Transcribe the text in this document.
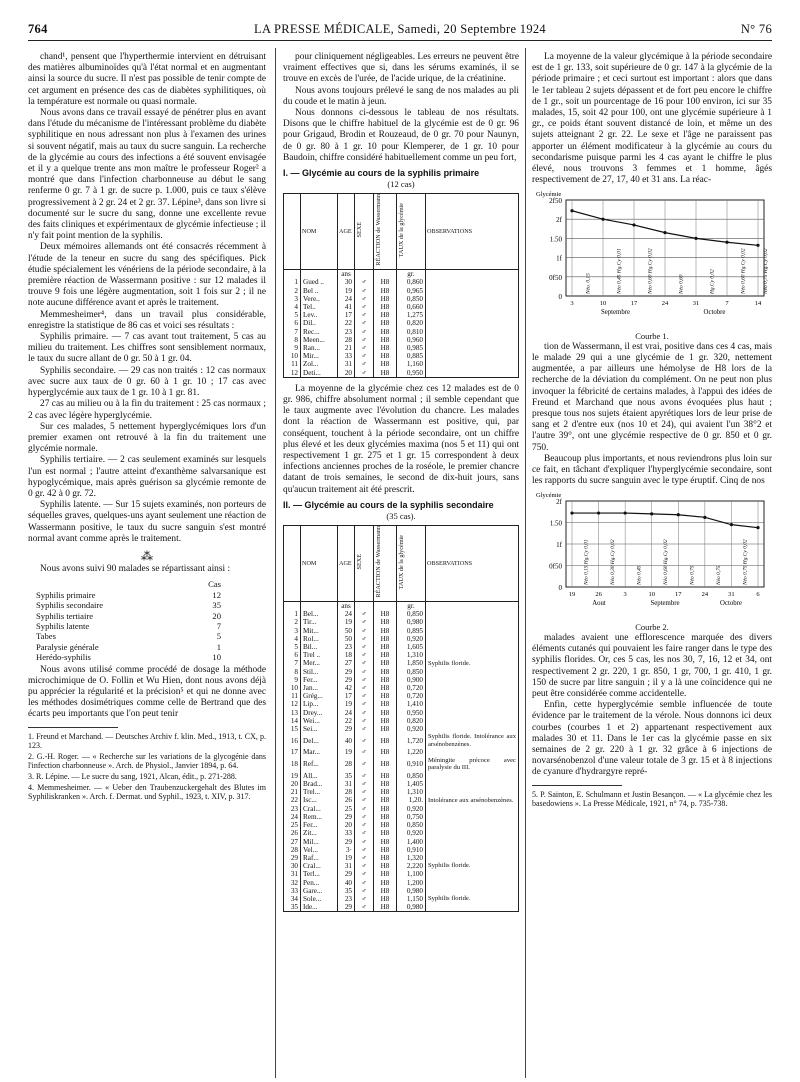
764	LA PRESSE MÉDICALE, Samedi, 20 Septembre 1924	N° 76

chand¹, pensent que l'hyperthermie intervient en détruisant des matières albuminoïdes qu'à l'état normal et en augmentant ainsi la source du sucre. Il n'est pas possible de tenir compte de cet argument en présence des cas de diabètes syphilitiques, où la température est normale ou quasi normale.

Nous avons dans ce travail essayé de pénétrer plus en avant dans l'étude du mécanisme de l'intéressant problème du diabète syphilitique en nous adressant non plus à l'examen des urines si souvent négatif, mais au taux du sucre sanguin. La recherche de la glycémie au cours des infections a été souvent envisagée et il y a quelque trente ans mon maître le professeur Roger² a montré que dans l'infection charbonneuse au début le sang renferme 0 gr. 7 à 1 gr. de sucre p. 1.000, puis ce taux s'élève progressivement à 2 gr. 24 et 2 gr. 37. Lépine³, dans son livre si documenté sur le sucre du sang, donne une excellente revue des faits cliniques et expérimentaux de glycémie infectieuse ; il n'y fait point mention de la syphilis.

Deux mémoires allemands ont été consacrés récemment à l'étude de la teneur en sucre du sang des spécifiques. Pick étudie spécialement les vénériens de la période secondaire, à la première réaction de Wassermann positive : sur 12 malades il trouve 9 fois une légère augmentation, soit 1 fois sur 2 ; il ne note aucune différence avant et après le traitement.

Memmesheimer⁴, dans un travail plus considérable, enregistre la statistique de 86 cas et voici ses résultats :

Syphilis primaire. — 7 cas avant tout traitement, 5 cas au milieu du traitement. Les chiffres sont sensiblement normaux, le taux du sucre allant de 0 gr. 50 à 1 gr. 04.

Syphilis secondaire. — 29 cas non traités : 12 cas normaux avec sucre aux taux de 0 gr. 60 à 1 gr. 10 ; 17 cas avec hyperglycémie aux taux de 1 gr. 10 à 1 gr. 81.

27 cas au milieu ou à la fin du traitement : 25 cas normaux ; 2 cas avec légère hyperglycémie.

Sur ces malades, 5 nettement hyperglycémiques lors d'un premier examen ont retrouvé à la fin du traitement une glycémie normale.

Syphilis tertiaire. — 2 cas seulement examinés sur lesquels l'un est normal ; l'autre atteint d'exanthème salvarsanique est hypoglycémique, mais après guérison sa glycémie remonte de 0 gr. 42 à 0 gr. 72.

Syphilis latente. — Sur 15 sujets examinés, non porteurs de séquelles graves, quelques-uns ayant seulement une réaction de Wassermann positive, le taux du sucre sanguin s'est montré normal avant comme après le traitement.

⁂

Nous avons suivi 90 malades se répartissant ainsi :

Cas
Syphilis primaire	12
Syphilis secondaire	35
Syphilis tertiaire	20
Syphilis latente	7
Tabes	5
Paralysie générale	1
Herédo-syphilis	10

Nous avons utilisé comme procédé de dosage la méthode microchimique de O. Follin et Wu Hien, dont nous avons déjà pu apprécier la régularité et la précision⁵ et qui ne donne avec les méthodes dosimétriques comme celle de Bertrand que des écarts peu importants que l'on peut tenir

1. Freund et Marchand. — Deutsches Archiv f. klin. Med., 1913, t. CX, p. 123.

2. G.-H. Roger. — « Recherche sur les variations de la glycogénie dans l'infection charbonneuse ». Arch. de Physiol., Janvier 1894, p. 64.

3. R. Lépine. — Le sucre du sang, 1921, Alcan, édit., p. 271-288.

4. Memmesheimer. — « Ueber den Traubenzuckergehalt des Blutes im Syphiliskranken ». Arch. f. Dermat. und Syphil., 1923, t. XIV, p. 317.

pour cliniquement négligeables. Les erreurs ne peuvent être vraiment effectives que si, dans les sérums examinés, il se trouve en excès de l'urée, de l'acide urique, de la créatinine.

Nous avons toujours prélevé le sang de nos malades au pli du coude et le matin à jeun.

Nous donnons ci-dessous le tableau de nos résultats. Disons que le chiffre habituel de la glycémie est de 0 gr. 96 pour Grigaud, Brodin et Rouzeaud, de 0 gr. 70 pour Naunyn, de 0 gr. 80 à 1 gr. 10 pour Klemperer, de 1 gr. 10 pour Baudoin, chiffre considéré habituellement comme un peu fort,

I. — Glycémie au cours de la syphilis primaire
(12 cas)
	NOM	AGE	SEXE	RÉACTION de Wassermann	TAUX de la glycémie	OBSERVATIONS
		ans			gr.	
1	Gued ..	30	♂	H8	0,860	
2	Bel ..	19	♂	H8	0,965	
3	Vere..	24	♂	H8	0,850	
4	Tel..	41	♂	H8	0,660	
5	Lev..	17	♂	H8	1,275	
6	Dil..	22	♂	H8	0,820	
7	Rec...	23	♂	H8	0,810	
8	Meen...	28	♂	H8	0,960	
9	Ran...	21	♂	H8	0,985	
10	Mir...	33	♂	H8	0,885	
11	Zol...	31	♂	H8	1,160	
12	Deti...	20	♂	H8	0,950	

La moyenne de la glycémie chez ces 12 malades est de 0 gr. 986, chiffre absolument normal ; il semble cependant que le taux augmente avec l'évolution du chancre. Les malades dont la réaction de Wassermann est positive, qui, par conséquent, touchent à la période secondaire, ont un chiffre plus élevé et les deux glycémies maxima (nos 5 et 11) qui ont respectivement 1 gr. 275 et 1 gr. 15 correspondent à deux infections anciennes proches de la roséole, le premier chancre datant de trois semaines, le second de dix-huit jours, sans qu'aucun traitement ait été prescrit.

II. — Glycémie au cours de la syphilis secondaire
(35 cas).
	NOM	AGE	SEXE	RÉACTION de Wassermann	TAUX de la glycémie	OBSERVATIONS
		ans			gr.	
1	Bel...	24	♂	H8	0,850	
2	Tir...	19	♂	H8	0,980	
3	Mit...	50	♂	H8	0,895	
4	Rol...	50	♂	H8	0,920	
5	Bil...	23	♂	H8	1,605	
6	Trel ..	18	♂	H8	1,310	
7	Mer...	27	♂	H8	1,850	Syphilis floride.
8	Stil...	29	♂	H8	0,850	
9	Fer...	29	♂	H8	0,900	
10	Jan...	42	♂	H8	0,720	
11	Grég...	17	♂	H8	0,720	
12	Lip...	19	♂	H8	1,410	
13	Drey...	24	♂	H8	0,950	
14	Wei...	22	♂	H8	0,820	
15	Sei...	29	♂	H8	0,920	
16	Del...	40	♂	H8	1,720	Syphilis floride. Intolérance aux arsénobenzènes.
17	Mar...	19	♂	H8	1,220	
18	Ref...	28	♂	H8	0,910	Méningite précoce avec paralysie du III.
19	All...	35	♂	H8	0,850	
20	Brad...	31	♂	H8	1,405	
21	Trel...	28	♂	H8	1,310	
22	Isc...	26	♂	H8	1,20.	Intolérance aux arsénobenzènes.
23	Cral...	25	♂	H8	0,920	
24	Rem...	29	♂	H8	0,750	
25	Fer...	20	♂	H8	0,850	
26	Zit...	33	♂	H8	0,920	
27	Mil...	29	♂	H8	1,400	
28	Vel...	3·	♂	H8	0,910	
29	Raf...	19	♂	H8	1,320	
30	Cral...	31	♂	H8	2,220	Syphilis floride.
31	Terl...	29	♂	H8	1,100	
32	Pen...	40	♂	H8	1,200	
33	Gare...	35	♂	H8	0,980	
34	Sole...	23	♂	H8	1,150	Syphilis floride.
35	Ide...	29	♂	H8	0,980	

La moyenne de la valeur glycémique à la période secondaire est de 1 gr. 133, soit supérieure de 0 gr. 147 à la glycémie de la période primaire ; et ceci surtout est important : alors que dans le 1er tableau 2 sujets dépassent et de fort peu encore le chiffre de 1 gr., soit un pourcentage de 16 pour 100 environ, ici sur 35 malades, 15, soit 42 pour 100, ont une glycémie supérieure à 1 gr., ce poids étant souvent distancé de loin, et même un des sujets atteignant 2 gr. 22. Le sexe et l'âge ne paraissent pas apporter un élément modificateur à la glycémie au cours du secondarisme puisque parmi les 4 cas ayant le chiffre le plus élevé, nous trouvons 3 femmes et 1 homme, âgés respectivement de 27, 17, 40 et 31 ans. La réac-

Glycémie
2f50
2f
1.50
1f
0f50
0
3	10	17	24	31	7	14
Septembre	Octobre
Néo. 0,15	Néo 0,45 Hg.Cy 0,01	Néo 0,60 Hg.Cy 0,02	Néo 0,60	Hg.Cy 0,02	Néo 0,60 Hg.Cy 0,02	Néo 0,75 Hg.Cy 0,02
Courbe 1.

tion de Wassermann, il est vrai, positive dans ces 4 cas, mais le malade 29 qui a une glycémie de 1 gr. 320, nettement augmentée, a par ailleurs une hémolyse de H8 lors de la recherche de la déviation du complément. On ne peut non plus invoquer la fébricité de certains malades, à l'appui des idées de Freund et Marchand que nous avons évoquées plus haut ; presque tous nos sujets étaient apyrétiques lors de leur prise de sang et 2 d'entre eux (nos 10 et 24), qui avaient l'un 38°2 et l'autre 39°, ont une glycémie respective de 0 gr. 850 et 0 gr. 750.

Beaucoup plus importants, et nous reviendrons plus loin sur ce fait, en tâchant d'expliquer l'hyperglycémie secondaire, sont les rapports du sucre sanguin avec le type éruptif. Cinq de nos

Glycémie
2f
1.50
1f
0f50
0
19	26	3	10	17	24	31	6
Aout	Septembre	Octobre
Néo 0,15 Hg.Cy 0,01	Néo 0,30 Hg.Cy 0,02	Néo 0,45	Néo 0,60 Hg.Cy 0,02	Néo 0,75	Néo 0,75	Néo 0,75 Hg.Cy 0,02
Courbe 2.

malades avaient une efflorescence marquée des divers éléments cutanés qui pouvaient les faire ranger dans le type des syphilis florides. Or, ces 5 cas, les nos 30, 7, 16, 12 et 34, ont respectivement 2 gr. 220, 1 gr. 850, 1 gr, 700, 1 gr. 410, 1 gr. 150 de sucre par litre sanguin ; il y a là une coïncidence qui ne peut être considérée comme accidentelle.

Enfin, cette hyperglycémie semble influencée de toute évidence par le traitement de la vérole. Nous donnons ici deux courbes (courbes 1 et 2) appartenant respectivement aux malades 30 et 11. Dans le 1er cas la glycémie passe en six semaines de 2 gr. 220 à 1 gr. 32 grâce à 6 injections de novarsénobenzol d'une valeur totale de 3 gr. 15 et à 8 injections de cyanure d'hydrargyre repré-

5. P. Sainton, E. Schulmann et Justin Besançon. — « La glycémie chez les basedowiens ». La Presse Médicale, 1921, n° 74, p. 735-738.
